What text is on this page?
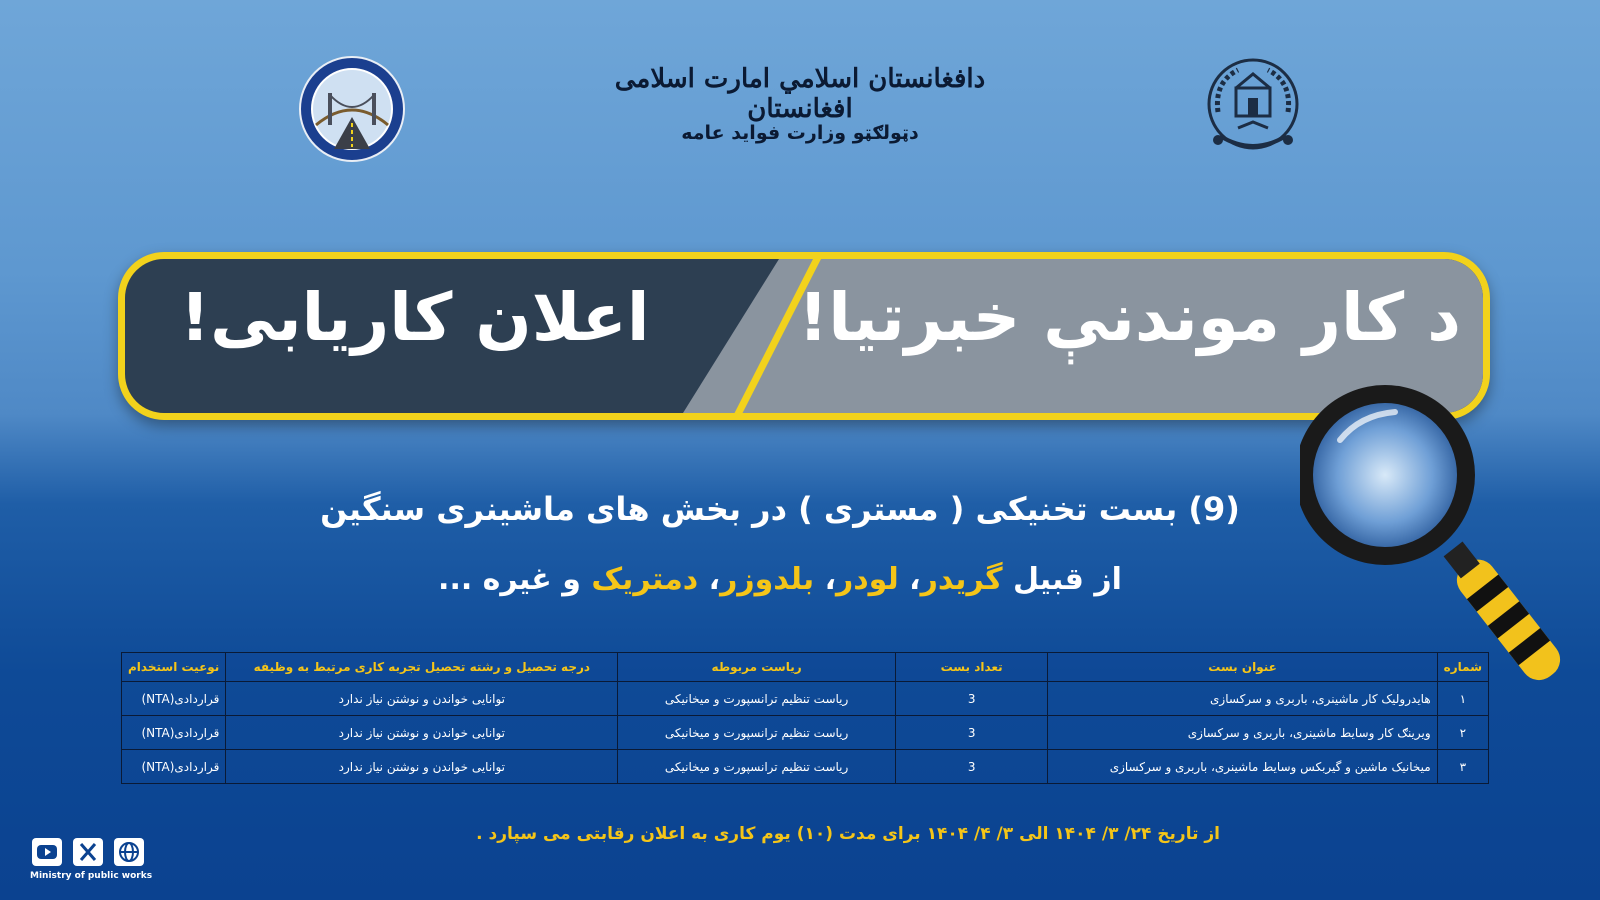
دافغانستان اسلامي امارت اسلامی افغانستان
دټولګټو وزارت فواید عامه
د کار موندنې خبرتیا!
اعلان کاریابی!
(9) بست تخنیکی ( مستری ) در بخش های ماشینری سنگین
از قبیل گریدر، لودر، بلدوزر، دمتریک و غیره ...
شماره	عنوان بست	تعداد بست	ریاست مربوطه	درجه تحصیل و رشته تحصیل تجربه کاری مرتبط به وظیفه	نوعیت استخدام
۱	هایدرولیک کار ماشینری، باربری و سرکسازی	3	ریاست تنظیم ترانسپورت و میخانیکی	توانایی خواندن و نوشتن نیاز ندارد	قراردادی(NTA)
۲	ویرینګ کار وسایط ماشینری، باربری و سرکسازی	3	ریاست تنظیم ترانسپورت و میخانیکی	توانایی خواندن و نوشتن نیاز ندارد	قراردادی(NTA)
۳	میخانیک ماشین و گیربکس وسایط ماشینری، باربری و سرکسازی	3	ریاست تنظیم ترانسپورت و میخانیکی	توانایی خواندن و نوشتن نیاز ندارد	قراردادی(NTA)
از تاریخ ۲۴/ ۳/ ۱۴۰۴ الی ۳/ ۴/ ۱۴۰۴ برای مدت (۱۰) یوم کاری به اعلان رقابتی می سپارد .
Ministry of public works
